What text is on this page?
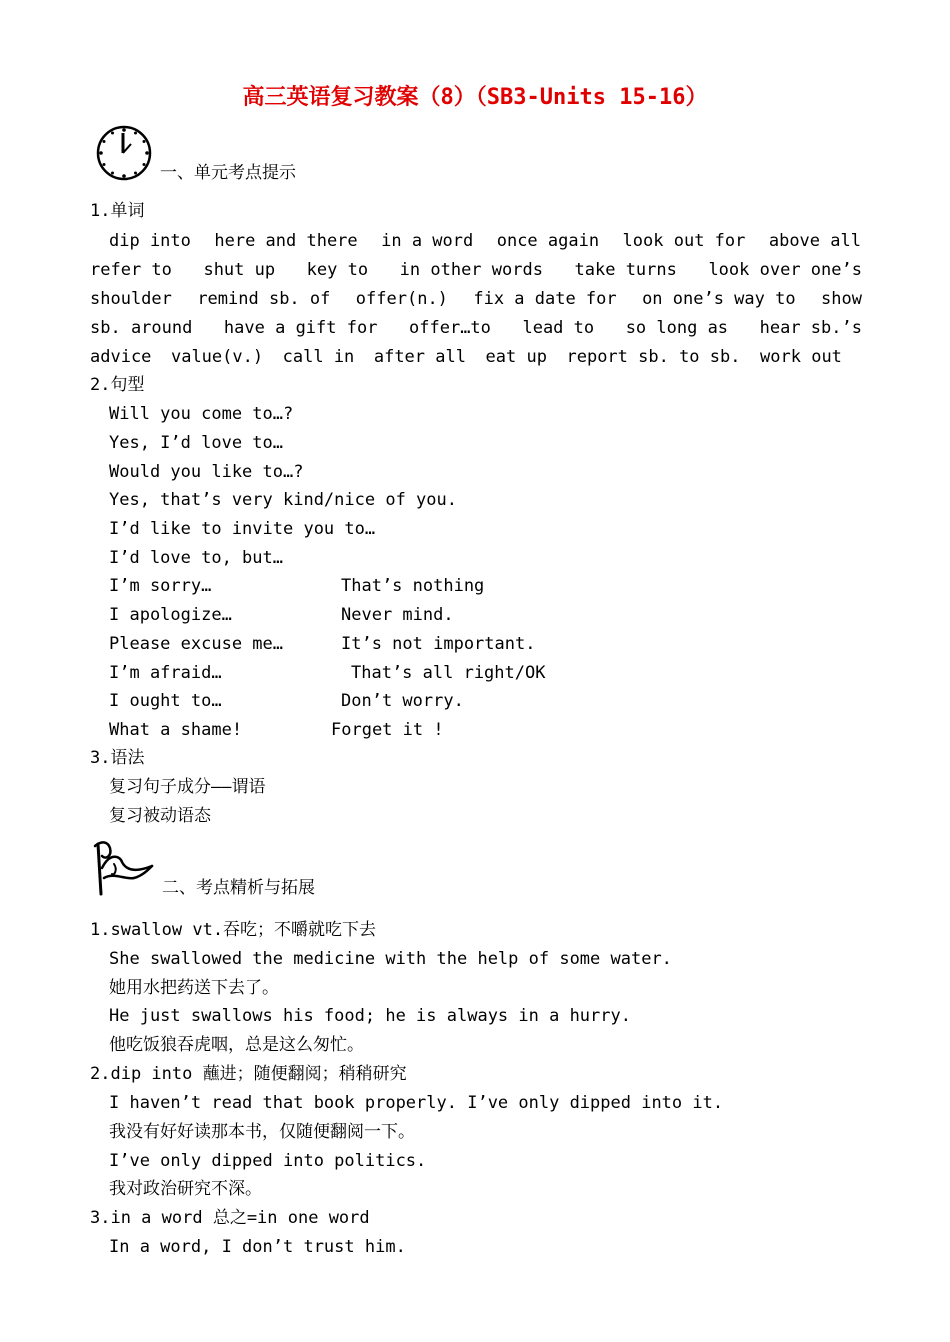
高三英语复习教案（8）（SB3-Units 15-16）
一、单元考点提示
1.单词
dip into here and there in a word once again look out for above all
refer to shut up key to in other words take turns look over one’s
shoulder remind sb. of offer(n.) fix a date for on one’s way to show
sb. around have a gift for offer…to lead to so long as hear sb.’s
advice value(v.) call in after all eat up report sb. to sb. work out
2.句型
Will you come to…?
Yes, I’d love to…
Would you like to…?
Yes, that’s very kind/nice of you.
I’d like to invite you to…
I’d love to, but…
I’m sorry…	That’s nothing
I apologize…	Never mind.
Please excuse me…	It’s not important.
I’m afraid…	That’s all right/OK
I ought to…	Don’t worry.
What a shame!	Forget it !
3.语法
复习句子成分——谓语
复习被动语态
二、考点精析与拓展
1.swallow vt.吞吃；不嚼就吃下去
She swallowed the medicine with the help of some water.
她用水把药送下去了。
He just swallows his food; he is always in a hurry.
他吃饭狼吞虎咽，总是这么匆忙。
2.dip into 蘸进；随便翻阅；稍稍研究
I haven’t read that book properly. I’ve only dipped into it.
我没有好好读那本书，仅随便翻阅一下。
I’ve only dipped into politics.
我对政治研究不深。
3.in a word 总之=in one word
In a word, I don’t trust him.
